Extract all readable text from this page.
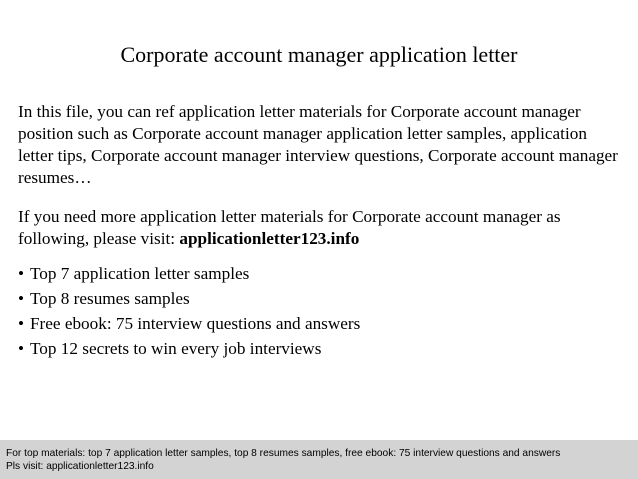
Corporate account manager application letter

In this file, you can ref application letter materials for Corporate account manager position such as Corporate account manager application letter samples, application letter tips, Corporate account manager interview questions, Corporate account manager resumes…

If you need more application letter materials for Corporate account manager as following, please visit: applicationletter123.info

• Top 7 application letter samples
• Top 8 resumes samples
• Free ebook: 75 interview questions and answers
• Top 12 secrets to win every job interviews
For top materials: top 7 application letter samples, top 8 resumes samples, free ebook: 75 interview questions and answers
Pls visit: applicationletter123.info
